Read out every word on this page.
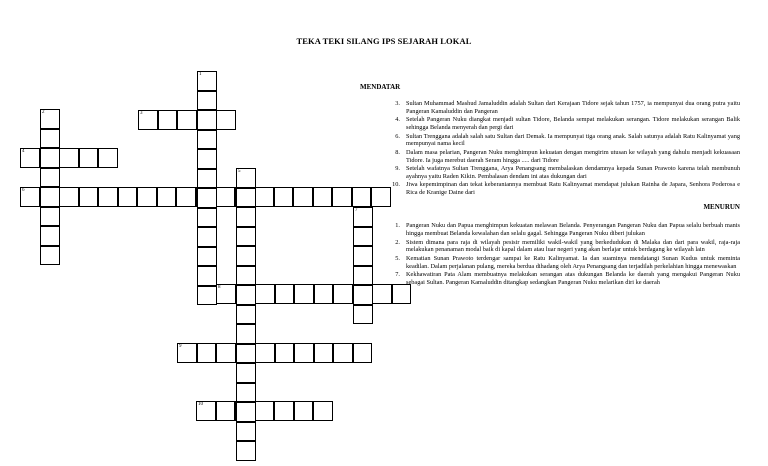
TEKA TEKI SILANG IPS SEJARAH LOKAL
3
4
6
8
9
10
1
2
5
7
MENDATAR
3. Sultan Muhammad Mashud Jamaluddin adalah Sultan dari Kerajaan Tidore sejak tahun 1757, ia mempunyai dua orang putra yaitu Pangeran Kamaluddin dan Pangeran
4. Setelah Pangeran Nuku diangkat menjadi sultan Tidore, Belanda sempat melakukan serangan. Tidore melakukan serangan Balik sehingga Belanda menyerah dan pergi dari
6. Sultan Trenggana adalah salah satu Sultan dari Demak. Ia mempunyai tiga orang anak. Salah satunya adalah Ratu Kalinyamat yang mempunyai nama kecil
8. Dalam masa pelarian, Pangeran Nuku menghimpun kekuatan dengan mengirim utusan ke wilayah yang dahulu menjadi kekuasaan Tidore. Ia juga merebut daerah Seram hingga ..... dari Tidore
9. Setelah wafatnya Sultan Trenggana, Arya Penangsang membalaskan dendamnya kepada Sunan Prawoto karena telah membunuh ayahnya yaitu Raden Kikin. Pembalasan dendam ini atas dukungan dari
10. Jiwa kepemimpinan dan tekat keberaniannya membuat Ratu Kalinyamat mendapat julukan Rainha de Japara, Senhora Poderosa e Rica de Kranige Daine dari
MENURUN
1. Pangeran Nuku dan Papua menghimpun kekuatan melawan Belanda. Penyerangan Pangeran Nuku dan Papua selalu berbuah manis hingga membuat Belanda kewalahan dan selalu gagal. Sehingga Pangeran Nuku diberi julukan
2. Sistem dimana para raja di wilayah pesisir memiliki wakil-wakil yang berkedudukan di Malaka dan dari para wakil, raja-raja melakukan penanaman modal baik di kapal dalam atau luar negeri yang akan berlajar untuk berdagang ke wilayah lain
5. Kematian Sunan Prawoto terdengar sampai ke Ratu Kalinyamat. Ia dan suaminya mendatangi Sunan Kudus untuk meminta keadilan. Dalam perjalanan pulang, mereka berdua dihadang oleh Arya Penangsang dan terjadilah perkelahian hingga menewaskan
7. Kekhawatiran Pata Alam membuatnya melakukan serangan atas dukungan Belanda ke daerah yang mengakui Pangeran Nuku sebagai Sultan. Pangeran Kamaluddin ditangkap sedangkan Pangeran Nuku melarikan diri ke daerah
